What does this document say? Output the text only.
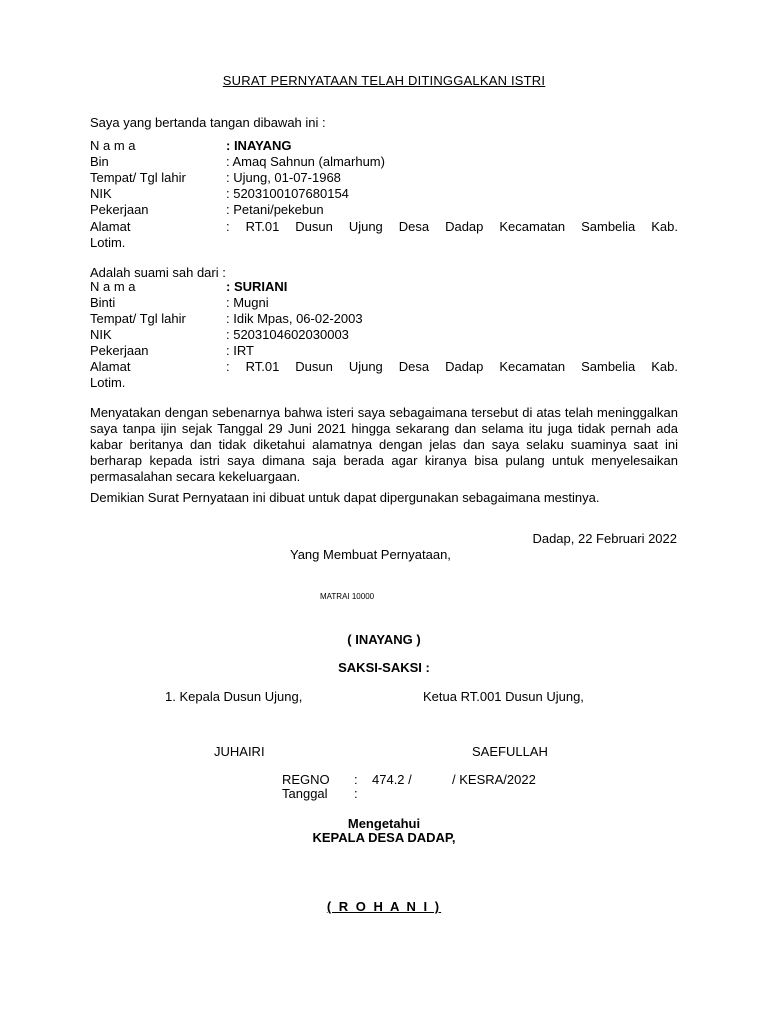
SURAT PERNYATAAN TELAH DITINGGALKAN ISTRI
Saya yang bertanda tangan dibawah ini :
N a m a	: INAYANG
Bin	: Amaq Sahnun (almarhum)
Tempat/ Tgl lahir	: Ujung, 01-07-1968
NIK	: 5203100107680154
Pekerjaan	: Petani/pekebun
Alamat	:  RT.01  Dusun  Ujung  Desa  Dadap  Kecamatan  Sambelia  Kab.
Lotim.
Adalah suami sah dari :
N a m a	: SURIANI
Binti	: Mugni
Tempat/ Tgl lahir	: Idik Mpas, 06-02-2003
NIK	: 5203104602030003
Pekerjaan	: IRT
Alamat	:  RT.01  Dusun  Ujung  Desa  Dadap  Kecamatan  Sambelia  Kab.
Lotim.
Menyatakan dengan sebenarnya bahwa isteri saya sebagaimana tersebut di atas telah meninggalkan saya tanpa ijin sejak Tanggal 29 Juni 2021 hingga sekarang dan selama itu juga tidak pernah ada kabar beritanya dan tidak diketahui alamatnya dengan jelas dan saya selaku suaminya saat ini berharap kepada istri saya dimana saja berada agar kiranya bisa pulang untuk menyelesaikan permasalahan secara kekeluargaan.
Demikian Surat Pernyataan ini dibuat untuk dapat dipergunakan sebagaimana mestinya.
Dadap, 22 Februari 2022
Yang Membuat Pernyataan,
MATRAI 10000
( INAYANG )
SAKSI-SAKSI :
1. Kepala Dusun Ujung,	Ketua RT.001 Dusun Ujung,
JUHAIRI	SAEFULLAH
REGNO : 474.2 /	/ KESRA/2022
Tanggal :
Mengetahui
KEPALA DESA DADAP,
( R O H A N I )
